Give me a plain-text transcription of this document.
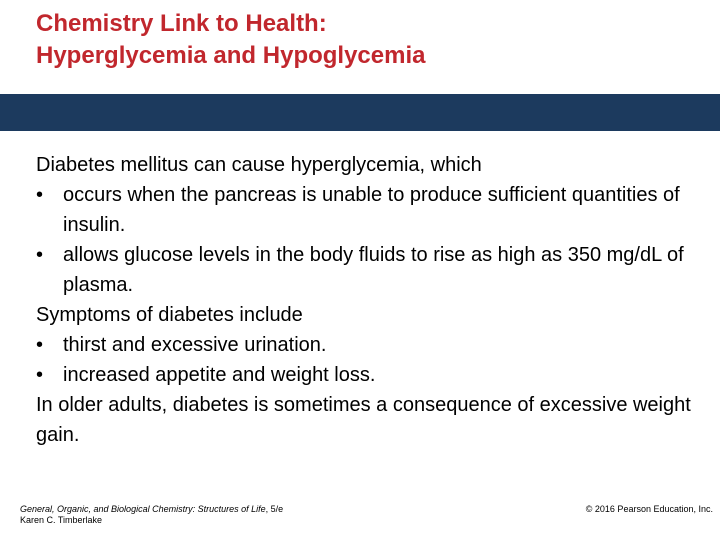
Chemistry Link to Health:
Hyperglycemia and Hypoglycemia

Diabetes mellitus can cause hyperglycemia, which

• occurs when the pancreas is unable to produce sufficient quantities of insulin.

• allows glucose levels in the body fluids to rise as high as 350 mg/dL of plasma.

Symptoms of diabetes include

• thirst and excessive urination.

• increased appetite and weight loss.

In older adults, diabetes is sometimes a consequence of excessive weight gain.

General, Organic, and Biological Chemistry: Structures of Life, 5/e
Karen C. Timberlake
© 2016 Pearson Education, Inc.
